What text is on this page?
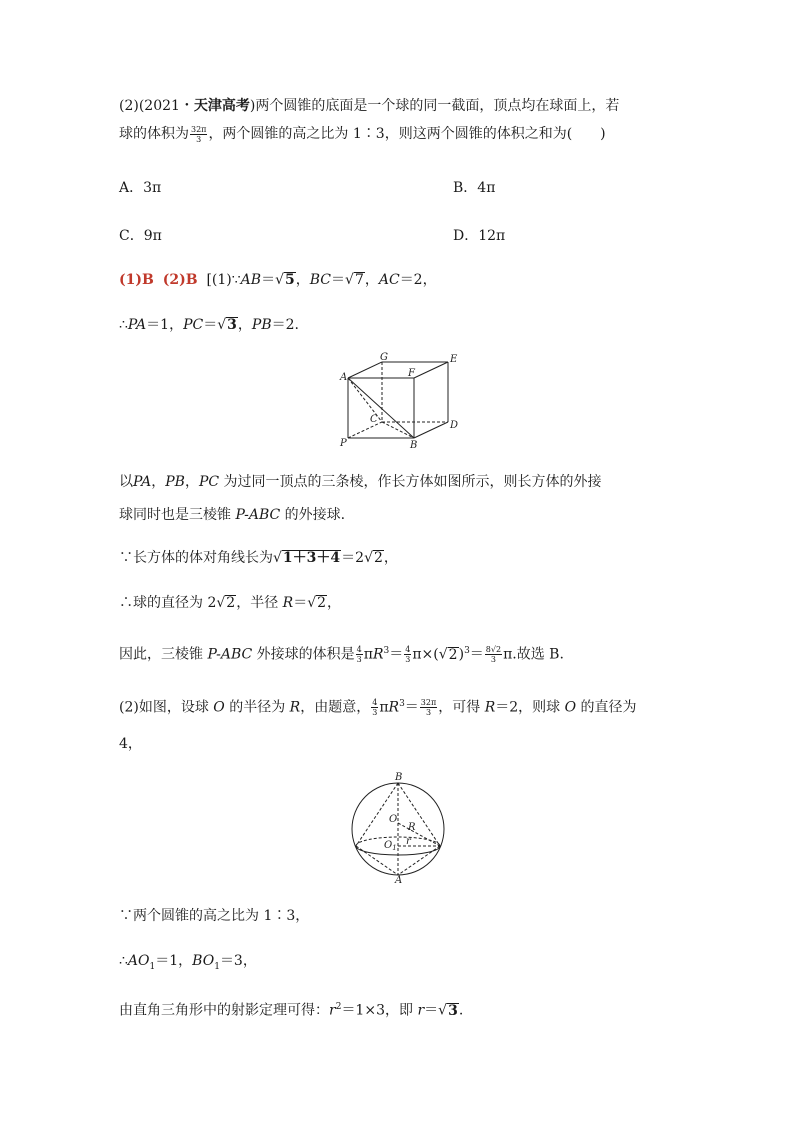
(2)(2021・天津高考)两个圆锥的底面是一个球的同一截面，顶点均在球面上，若
球的体积为 $\frac{32\pi}{3}$ ，两个圆锥的高之比为 1∶3，则这两个圆锥的体积之和为(　　)
A．3π	B．4π
C．9π	D．12π
(1)B (2)B [(1)∵AB＝√5，BC＝√7，AC＝2，
∴PA＝1，PC＝√3，PB＝2.
A
G	E
F
C
D
P	B
以PA，PB，PC 为过同一顶点的三条棱，作长方体如图所示，则长方体的外接
球同时也是三棱锥 P-ABC 的外接球.
∵长方体的体对角线长为√1＋3＋4＝2√2，
∴球的直径为 2√2，半径 R＝√2，
因此，三棱锥 P-ABC 外接球的体积是 $\frac{4}{3} \pi R^3= \frac{4}{3} \pi\times(√2)^3= \frac{8√2}{3} \pi$.故选 B.
(2)如图，设球 O 的半径为 R，由题意， $\frac{4}{3} \pi R^3= \frac{32\pi}{3}$ ，可得 R＝2，则球 O 的直径为
4，
B
O
R
$O_1$
r
A
∵两个圆锥的高之比为 1∶3，
$\therefore AO_1=1$，$BO_1=3$，
由直角三角形中的射影定理可得：$r^2=1\times 3$，即 r＝√3.
